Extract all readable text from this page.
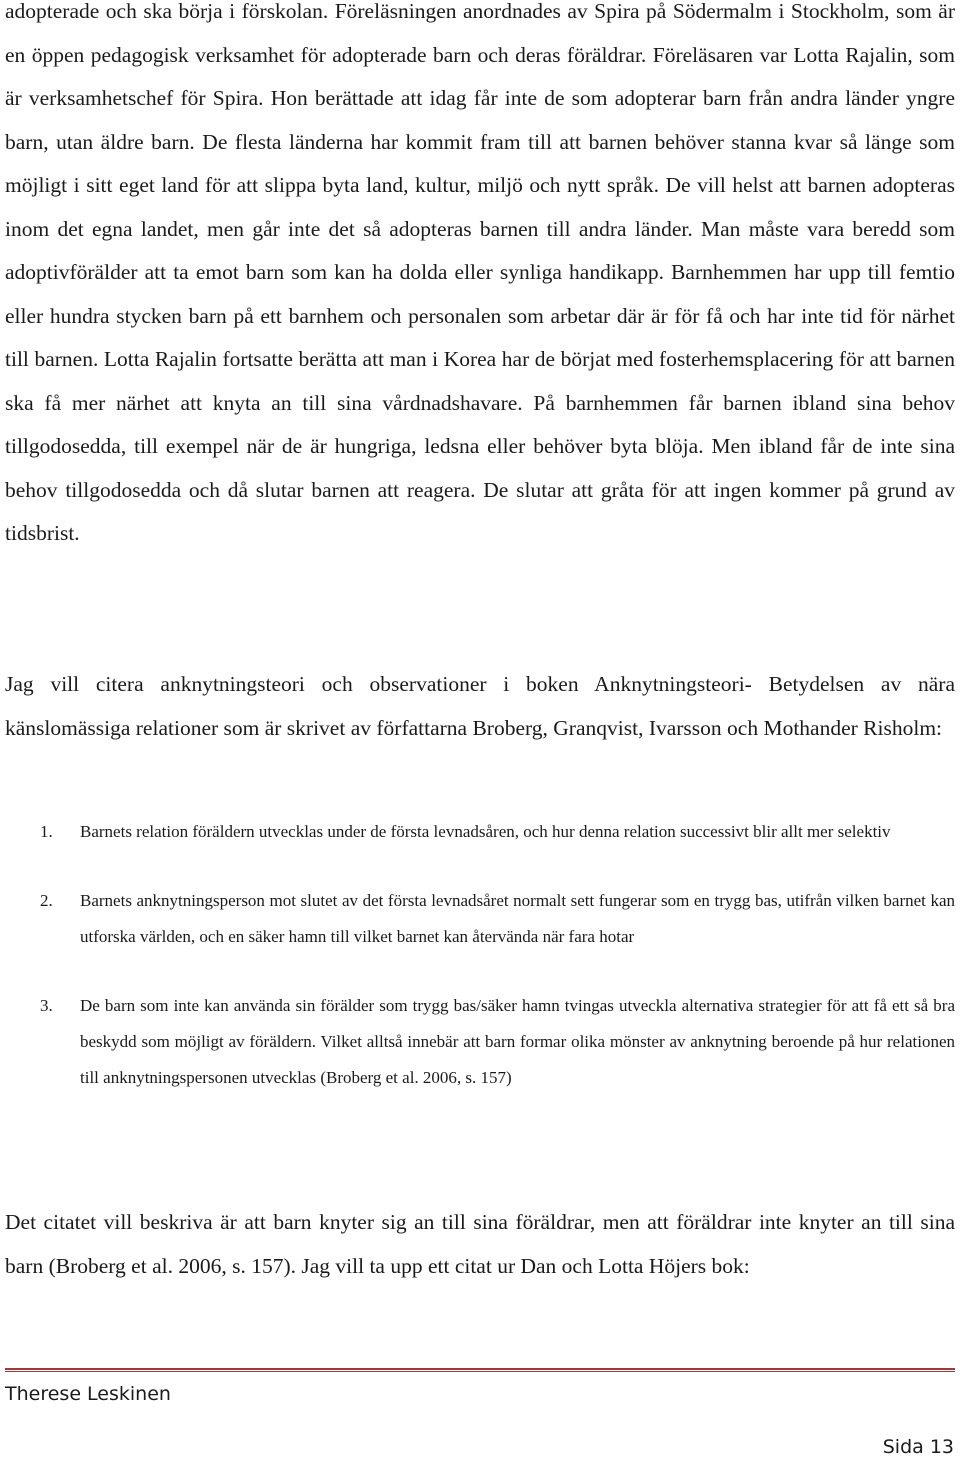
adopterade och ska börja i förskolan. Föreläsningen anordnades av Spira på Södermalm i Stockholm, som är en öppen pedagogisk verksamhet för adopterade barn och deras föräldrar. Föreläsaren var Lotta Rajalin, som är verksamhetschef för Spira. Hon berättade att idag får inte de som adopterar barn från andra länder yngre barn, utan äldre barn. De flesta länderna har kommit fram till att barnen behöver stanna kvar så länge som möjligt i sitt eget land för att slippa byta land, kultur, miljö och nytt språk. De vill helst att barnen adopteras inom det egna landet, men går inte det så adopteras barnen till andra länder. Man måste vara beredd som adoptivförälder att ta emot barn som kan ha dolda eller synliga handikapp. Barnhemmen har upp till femtio eller hundra stycken barn på ett barnhem och personalen som arbetar där är för få och har inte tid för närhet till barnen. Lotta Rajalin fortsatte berätta att man i Korea har de börjat med fosterhemsplacering för att barnen ska få mer närhet att knyta an till sina vårdnadshavare. På barnhemmen får barnen ibland sina behov tillgodosedda, till exempel när de är hungriga, ledsna eller behöver byta blöja. Men ibland får de inte sina behov tillgodosedda och då slutar barnen att reagera. De slutar att gråta för att ingen kommer på grund av tidsbrist.

Jag vill citera anknytningsteori och observationer i boken Anknytningsteori- Betydelsen av nära känslomässiga relationer som är skrivet av författarna Broberg, Granqvist, Ivarsson och Mothander Risholm:

1. Barnets relation föräldern utvecklas under de första levnadsåren, och hur denna relation successivt blir allt mer selektiv
2. Barnets anknytningsperson mot slutet av det första levnadsåret normalt sett fungerar som en trygg bas, utifrån vilken barnet kan utforska världen, och en säker hamn till vilket barnet kan återvända när fara hotar
3. De barn som inte kan använda sin förälder som trygg bas/säker hamn tvingas utveckla alternativa strategier för att få ett så bra beskydd som möjligt av föräldern. Vilket alltså innebär att barn formar olika mönster av anknytning beroende på hur relationen till anknytningspersonen utvecklas (Broberg et al. 2006, s. 157)

Det citatet vill beskriva är att barn knyter sig an till sina föräldrar, men att föräldrar inte knyter an till sina barn (Broberg et al. 2006, s. 157). Jag vill ta upp ett citat ur Dan och Lotta Höjers bok:

Therese Leskinen
Sida 13
